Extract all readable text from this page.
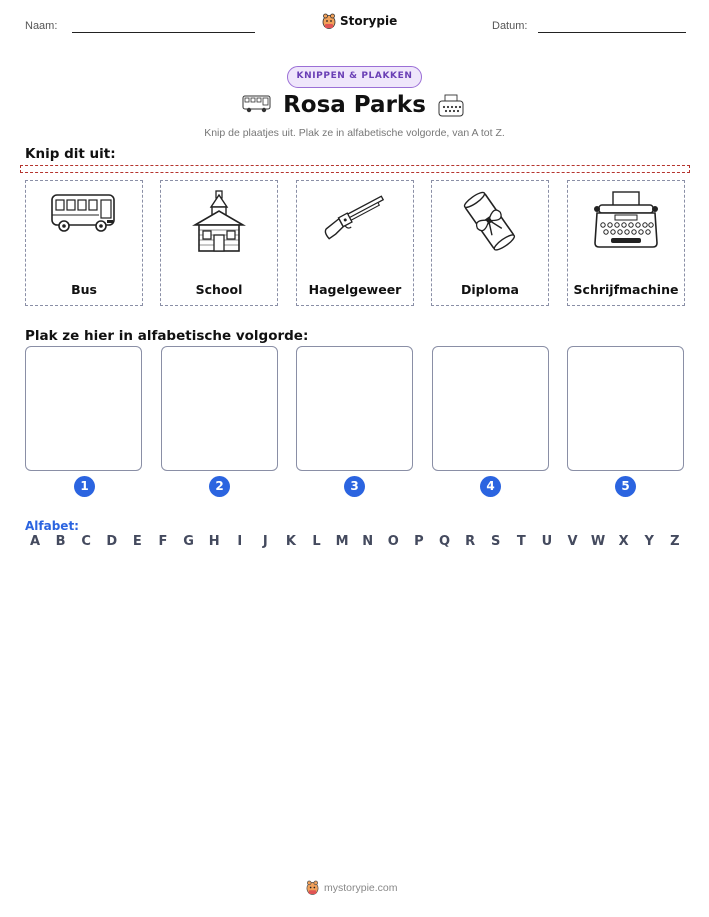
Naam:	Storypie	Datum:
KNIPPEN & PLAKKEN
Rosa Parks
Knip de plaatjes uit. Plak ze in alfabetische volgorde, van A tot Z.
Knip dit uit:
Bus	School	Hagelgeweer	Diploma	Schrijfmachine
Plak ze hier in alfabetische volgorde:
1	2	3	4	5
Alfabet:
A	B	C	D	E	F	G	H	I	J	K	L	M	N	O	P	Q	R	S	T	U	V	W	X	Y	Z
mystorypie.com
